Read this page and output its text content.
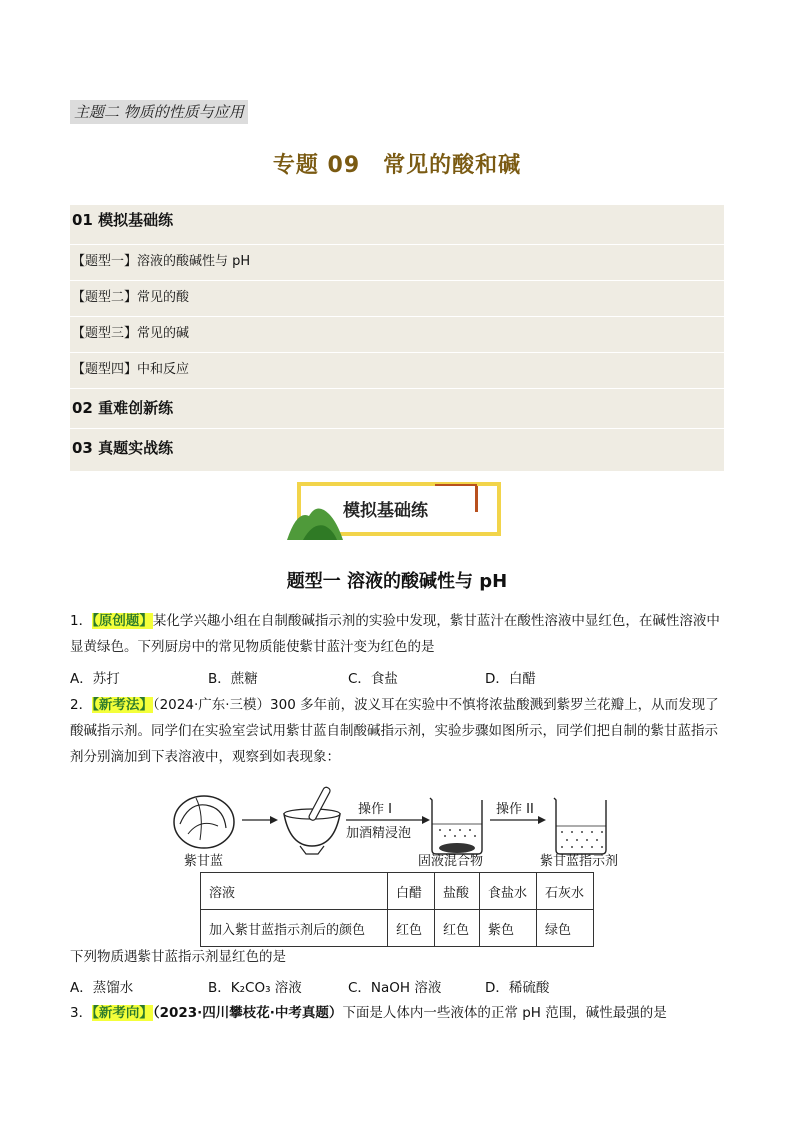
主题二 物质的性质与应用
专题 09　常见的酸和碱
01 模拟基础练
【题型一】溶液的酸碱性与 pH
【题型二】常见的酸
【题型三】常见的碱
【题型四】中和反应
02 重难创新练
03 真题实战练
模拟基础练
题型一 溶液的酸碱性与 pH
1．【原创题】某化学兴趣小组在自制酸碱指示剂的实验中发现，紫甘蓝汁在酸性溶液中显红色，在碱性溶液中显黄绿色。下列厨房中的常见物质能使紫甘蓝汁变为红色的是
A．苏打	B．蔗糖	C．食盐	D．白醋
2．【新考法】（2024·广东·三模）300 多年前，波义耳在实验中不慎将浓盐酸溅到紫罗兰花瓣上，从而发现了酸碱指示剂。同学们在实验室尝试用紫甘蓝自制酸碱指示剂，实验步骤如图所示，同学们把自制的紫甘蓝指示剂分别滴加到下表溶液中，观察到如表现象：
操作 I
加酒精浸泡
操作 II
紫甘蓝	固液混合物	紫甘蓝指示剂
溶液	白醋	盐酸	食盐水	石灰水
加入紫甘蓝指示剂后的颜色	红色	红色	紫色	绿色
下列物质遇紫甘蓝指示剂显红色的是
A．蒸馏水	B．K₂CO₃ 溶液	C．NaOH 溶液	D．稀硫酸
3．【新考向】（2023·四川攀枝花·中考真题）下面是人体内一些液体的正常 pH 范围，碱性最强的是
